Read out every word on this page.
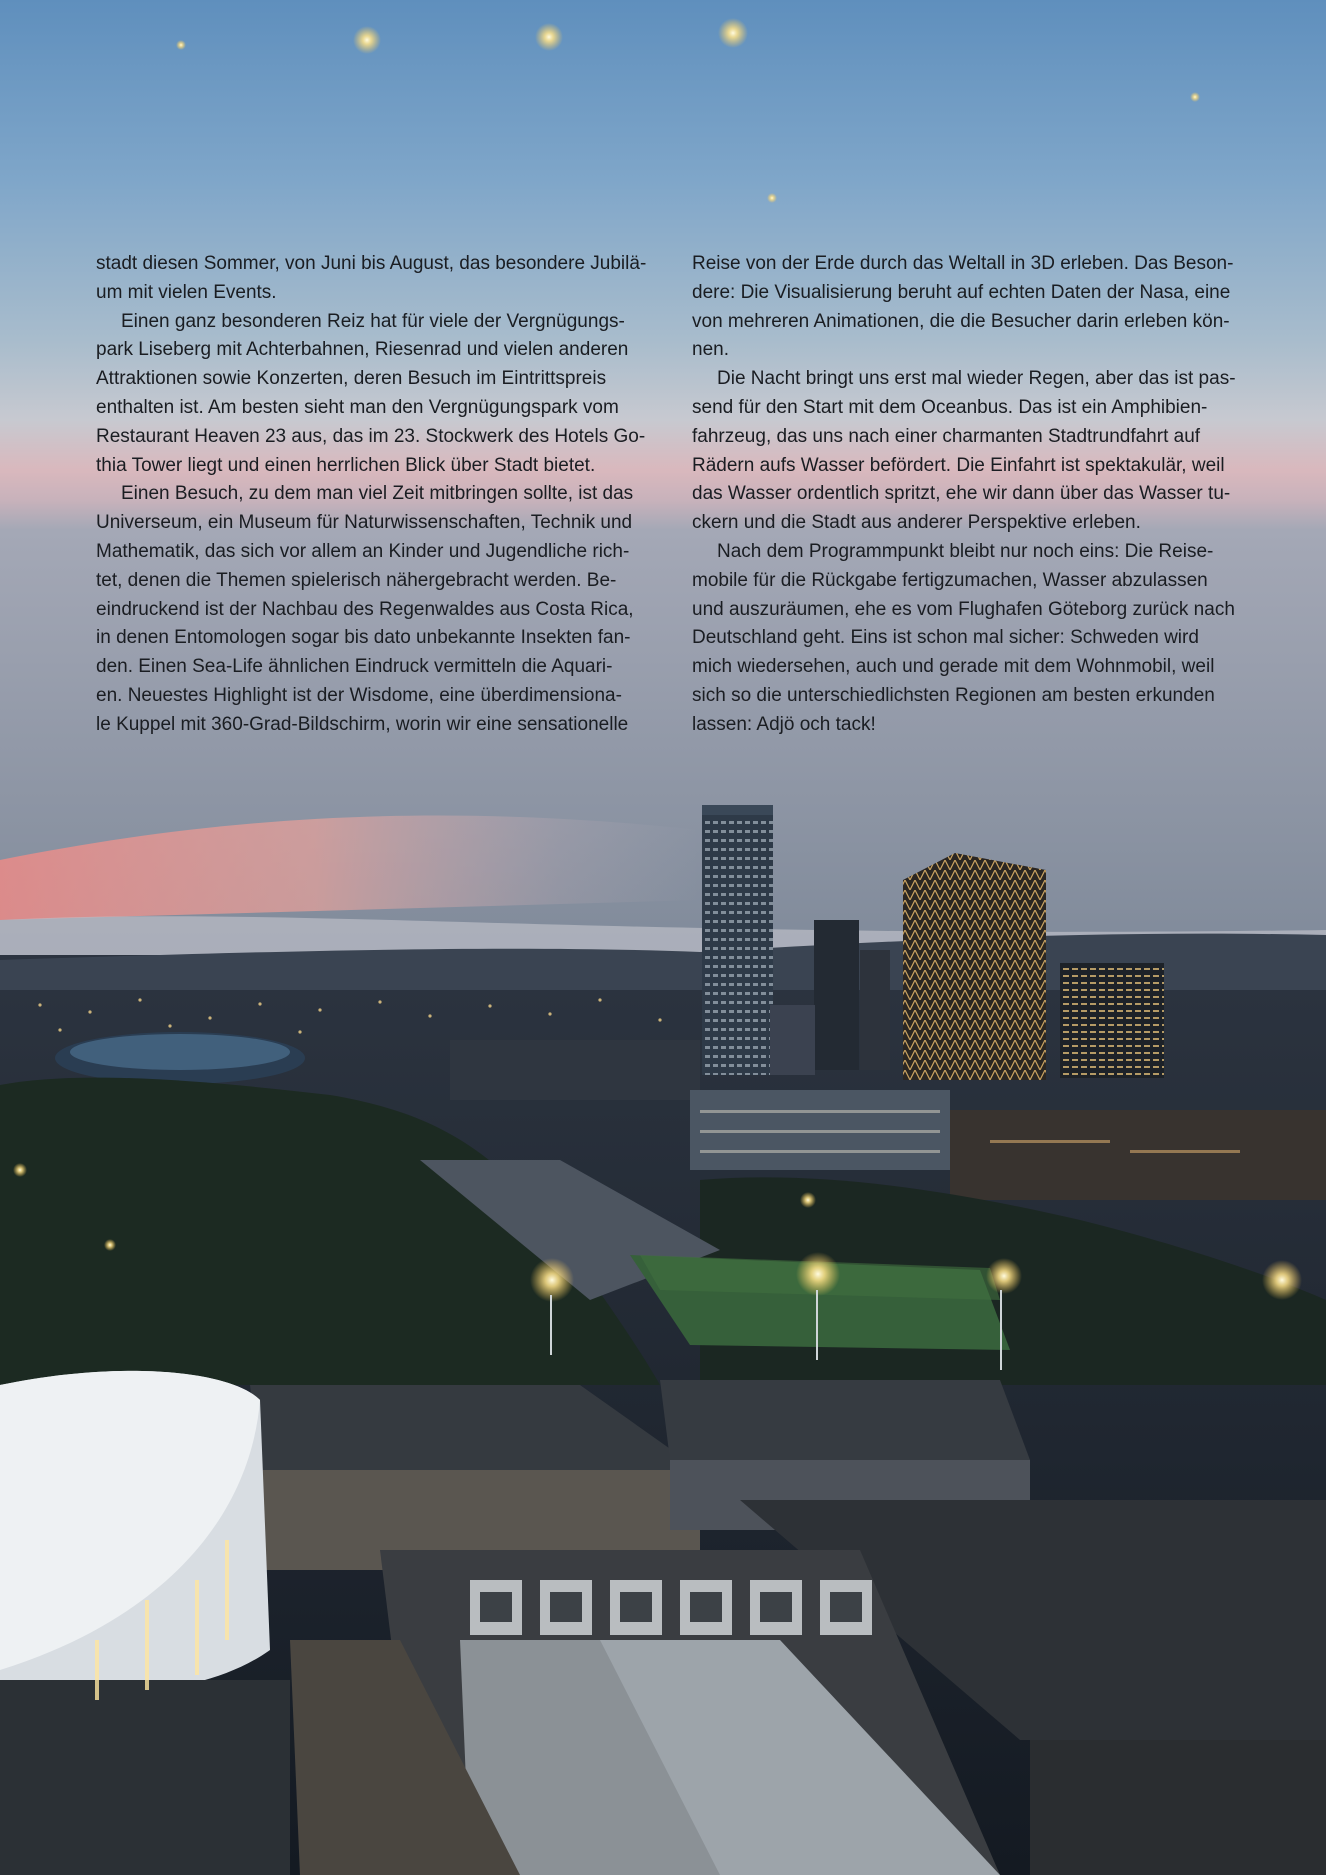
stadt diesen Sommer, von Juni bis August, das besondere Jubilä-
um mit vielen Events.

Einen ganz besonderen Reiz hat für viele der Vergnügungs-
park Liseberg mit Achterbahnen, Riesenrad und vielen anderen
Attraktionen sowie Konzerten, deren Besuch im Eintrittspreis
enthalten ist. Am besten sieht man den Vergnügungspark vom
Restaurant Heaven 23 aus, das im 23. Stockwerk des Hotels Go-
thia Tower liegt und einen herrlichen Blick über Stadt bietet.

Einen Besuch, zu dem man viel Zeit mitbringen sollte, ist das
Universeum, ein Museum für Naturwissenschaften, Technik und
Mathematik, das sich vor allem an Kinder und Jugendliche rich-
tet, denen die Themen spielerisch nähergebracht werden. Be-
eindruckend ist der Nachbau des Regenwaldes aus Costa Rica,
in denen Entomologen sogar bis dato unbekannte Insekten fan-
den. Einen Sea-Life ähnlichen Eindruck vermitteln die Aquari-
en. Neuestes Highlight ist der Wisdome, eine überdimensiona-
le Kuppel mit 360-Grad-Bildschirm, worin wir eine sensationelle

Reise von der Erde durch das Weltall in 3D erleben. Das Beson-
dere: Die Visualisierung beruht auf echten Daten der Nasa, eine
von mehreren Animationen, die die Besucher darin erleben kön-
nen.

Die Nacht bringt uns erst mal wieder Regen, aber das ist pas-
send für den Start mit dem Oceanbus. Das ist ein Amphibien-
fahrzeug, das uns nach einer charmanten Stadtrundfahrt auf
Rädern aufs Wasser befördert. Die Einfahrt ist spektakulär, weil
das Wasser ordentlich spritzt, ehe wir dann über das Wasser tu-
ckern und die Stadt aus anderer Perspektive erleben.

Nach dem Programmpunkt bleibt nur noch eins: Die Reise-
mobile für die Rückgabe fertigzumachen, Wasser abzulassen
und auszuräumen, ehe es vom Flughafen Göteborg zurück nach
Deutschland geht. Eins ist schon mal sicher: Schweden wird
mich wiedersehen, auch und gerade mit dem Wohnmobil, weil
sich so die unterschiedlichsten Regionen am besten erkunden
lassen: Adjö och tack!
